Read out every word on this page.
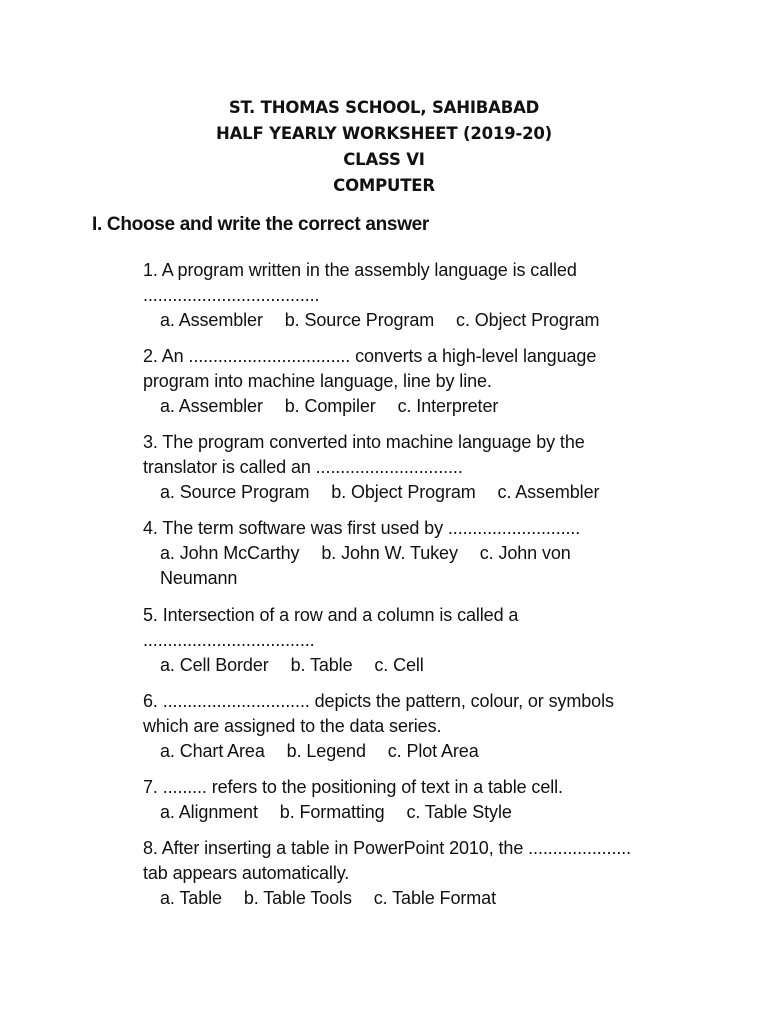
ST. THOMAS SCHOOL, SAHIBABAD
HALF YEARLY WORKSHEET (2019-20)
CLASS VI
COMPUTER
I. Choose and write the correct answer
1. A program written in the assembly language is called
....................................
a. Assembler b. Source Program c. Object Program
2. An ................................. converts a high-level language
program into machine language, line by line.
a. Assembler b. Compiler c. Interpreter
3. The program converted into machine language by the
translator is called an ..............................
a. Source Program b. Object Program c. Assembler
4. The term software was first used by ...........................
a. John McCarthy b. John W. Tukey c. John von Neumann
5. Intersection of a row and a column is called a
...................................
a. Cell Border b. Table c. Cell
6. .............................. depicts the pattern, colour, or symbols
which are assigned to the data series.
a. Chart Area b. Legend c. Plot Area
7. ......... refers to the positioning of text in a table cell.
a. Alignment b. Formatting c. Table Style
8. After inserting a table in PowerPoint 2010, the .....................
tab appears automatically.
a. Table b. Table Tools c. Table Format
